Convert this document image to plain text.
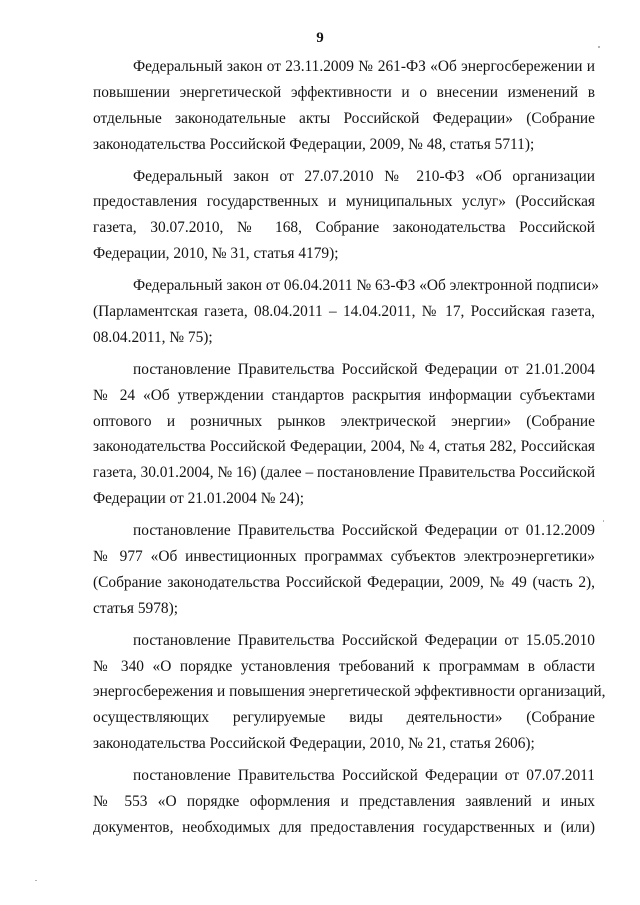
9
Федеральный закон от 23.11.2009 № 261-ФЗ «Об энергосбережении и
повышении энергетической эффективности и о внесении изменений в
отдельные законодательные акты Российской Федерации» (Собрание
законодательства Российской Федерации, 2009, № 48, статья 5711);
Федеральный закон от 27.07.2010 № 210-ФЗ «Об организации
предоставления государственных и муниципальных услуг» (Российская
газета, 30.07.2010, № 168, Собрание законодательства Российской
Федерации, 2010, № 31, статья 4179);
Федеральный закон от 06.04.2011 № 63-ФЗ «Об электронной подписи»
(Парламентская газета, 08.04.2011 – 14.04.2011, № 17, Российская газета,
08.04.2011, № 75);
постановление Правительства Российской Федерации от 21.01.2004
№ 24 «Об утверждении стандартов раскрытия информации субъектами
оптового и розничных рынков электрической энергии» (Собрание
законодательства Российской Федерации, 2004, № 4, статья 282, Российская
газета, 30.01.2004, № 16) (далее – постановление Правительства Российской
Федерации от 21.01.2004 № 24);
постановление Правительства Российской Федерации от 01.12.2009
№ 977 «Об инвестиционных программах субъектов электроэнергетики»
(Собрание законодательства Российской Федерации, 2009, № 49 (часть 2),
статья 5978);
постановление Правительства Российской Федерации от 15.05.2010
№ 340 «О порядке установления требований к программам в области
энергосбережения и повышения энергетической эффективности организаций,
осуществляющих регулируемые виды деятельности» (Собрание
законодательства Российской Федерации, 2010, № 21, статья 2606);
постановление Правительства Российской Федерации от 07.07.2011
№ 553 «О порядке оформления и представления заявлений и иных
документов, необходимых для предоставления государственных и (или)
